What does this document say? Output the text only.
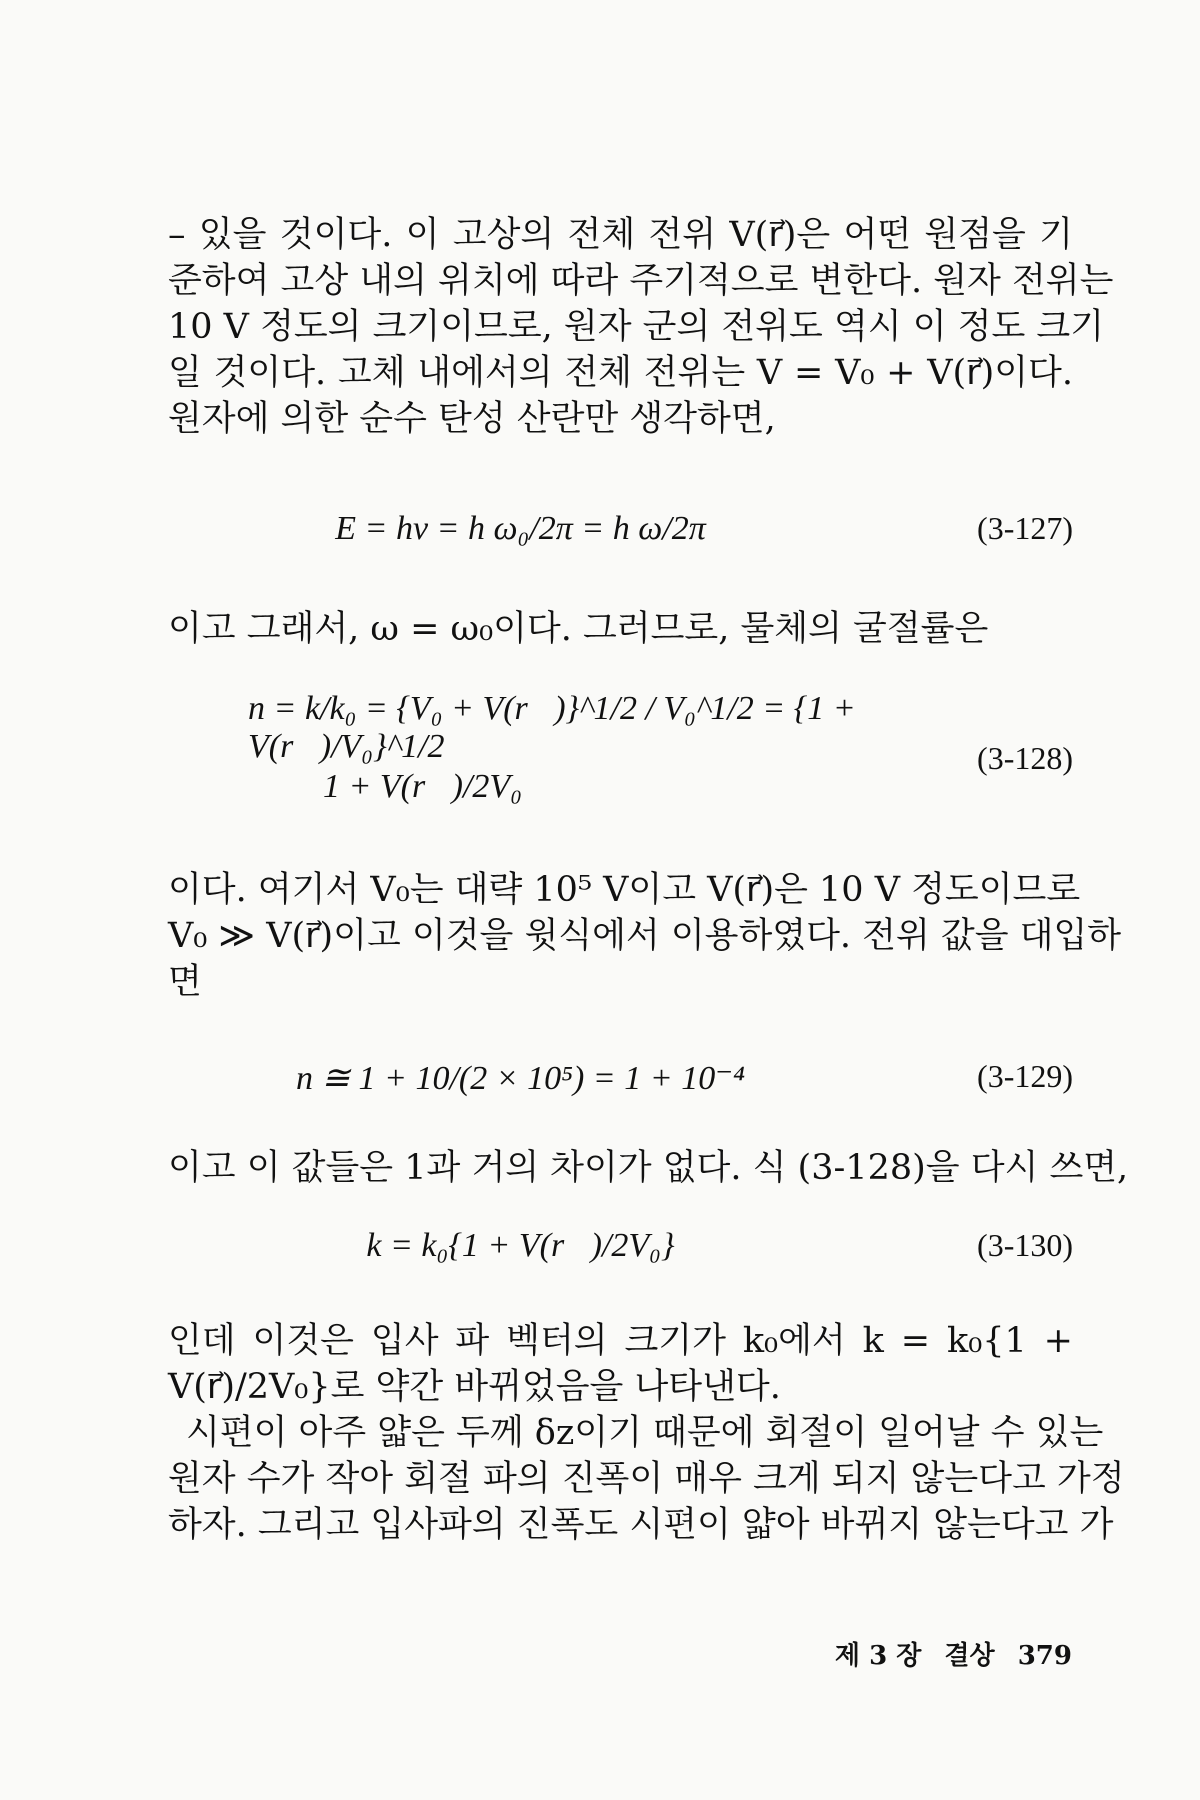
– 있을 것이다. 이 고상의 전체 전위 V(r⃗)은 어떤 원점을 기
준하여 고상 내의 위치에 따라 주기적으로 변한다. 원자 전위는
10 V 정도의 크기이므로, 원자 군의 전위도 역시 이 정도 크기
일 것이다. 고체 내에서의 전체 전위는 V = V₀ + V(r⃗)이다.
원자에 의한 순수 탄성 산란만 생각하면,
E = hν = h ω₀/2π = h ω/2π	(3-127)
이고 그래서, ω = ω₀이다. 그러므로, 물체의 굴절률은
n = k/k₀ = {V₀ + V(r⃗)}^1/2 / V₀^1/2 = {1 + V(r⃗)/V₀}^1/2
≅ 1 + V(r⃗)/2V₀
(3-128)
이다. 여기서 V₀는 대략 10⁵ V이고 V(r⃗)은 10 V 정도이므로
V₀ ≫ V(r⃗)이고 이것을 윗식에서 이용하였다. 전위 값을 대입하
면
n ≅ 1 + 10/(2 × 10⁵) = 1 + 10⁻⁴	(3-129)
이고 이 값들은 1과 거의 차이가 없다. 식 (3-128)을 다시 쓰면,
k = k₀{1 + V(r⃗)/2V₀}	(3-130)
인데 이것은 입사 파 벡터의 크기가 k₀에서 k = k₀{1 +
V(r⃗)/2V₀}로 약간 바뀌었음을 나타낸다.
시편이 아주 얇은 두께 δz이기 때문에 회절이 일어날 수 있는
원자 수가 작아 회절 파의 진폭이 매우 크게 되지 않는다고 가정
하자. 그리고 입사파의 진폭도 시편이 얇아 바뀌지 않는다고 가
제 3 장 결상 379
